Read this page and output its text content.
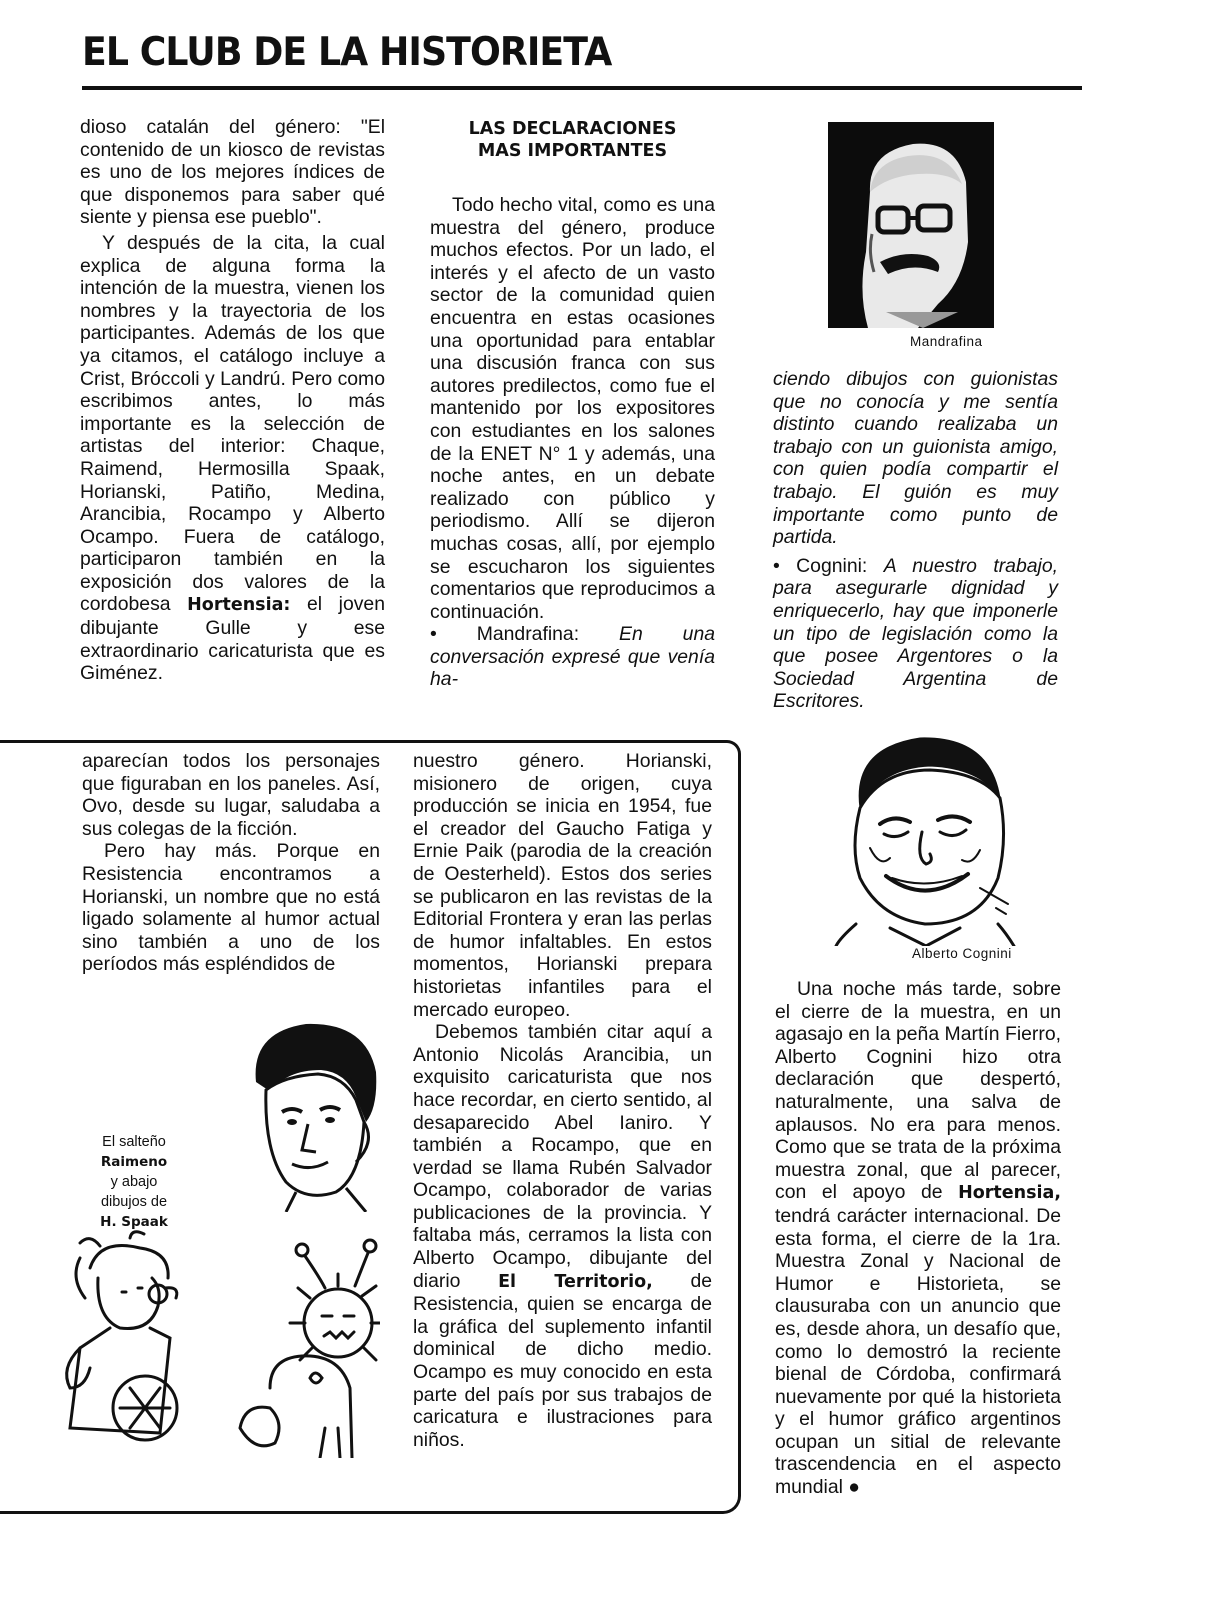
EL CLUB DE LA HISTORIETA

dioso catalán del género: "El contenido de un kiosco de revistas es uno de los mejores índices de que disponemos para saber qué siente y piensa ese pueblo".

Y después de la cita, la cual explica de alguna forma la intención de la muestra, vienen los nombres y la trayectoria de los participantes. Además de los que ya citamos, el catálogo incluye a Crist, Bróccoli y Landrú. Pero como escribimos antes, lo más importante es la selección de artistas del interior: Chaque, Raimend, Hermosilla Spaak, Horianski, Patiño, Medina, Arancibia, Rocampo y Alberto Ocampo. Fuera de catálogo, participaron también en la exposición dos valores de la cordobesa Hortensia: el joven dibujante Gulle y ese extraordinario caricaturista que es Giménez.

LAS DECLARACIONES
MAS IMPORTANTES

Todo hecho vital, como es una muestra del género, produce muchos efectos. Por un lado, el interés y el afecto de un vasto sector de la comunidad quien encuentra en estas ocasiones una oportunidad para entablar una discusión franca con sus autores predilectos, como fue el mantenido por los expositores con estudiantes en los salones de la ENET N° 1 y además, una noche antes, en un debate realizado con público y periodismo. Allí se dijeron muchas cosas, allí, por ejemplo se escucharon los siguientes comentarios que reproducimos a continuación.

• Mandrafina: En una conversación expresé que venía ha-

Mandrafina

ciendo dibujos con guionistas que no conocía y me sentía distinto cuando realizaba un trabajo con un guionista amigo, con quien podía compartir el trabajo. El guión es muy importante como punto de partida.

• Cognini: A nuestro trabajo, para asegurarle dignidad y enriquecerlo, hay que imponerle un tipo de legislación como la que posee Argentores o la Sociedad Argentina de Escritores.

aparecían todos los personajes que figuraban en los paneles. Así, Ovo, desde su lugar, saludaba a sus colegas de la ficción.

Pero hay más. Porque en Resistencia encontramos a Horianski, un nombre que no está ligado solamente al humor actual sino también a uno de los períodos más espléndidos de

El salteño
Raimeno
y abajo
dibujos de
H. Spaak

nuestro género. Horianski, misionero de origen, cuya producción se inicia en 1954, fue el creador del Gaucho Fatiga y Ernie Paik (parodia de la creación de Oesterheld). Estos dos series se publicaron en las revistas de la Editorial Frontera y eran las perlas de humor infaltables. En estos momentos, Horianski prepara historietas infantiles para el mercado europeo.

Debemos también citar aquí a Antonio Nicolás Arancibia, un exquisito caricaturista que nos hace recordar, en cierto sentido, al desaparecido Abel Ianiro. Y también a Rocampo, que en verdad se llama Rubén Salvador Ocampo, colaborador de varias publicaciones de la provincia. Y faltaba más, cerramos la lista con Alberto Ocampo, dibujante del diario El Territorio, de Resistencia, quien se encarga de la gráfica del suplemento infantil dominical de dicho medio. Ocampo es muy conocido en esta parte del país por sus trabajos de caricatura e ilustraciones para niños.

Alberto Cognini

Una noche más tarde, sobre el cierre de la muestra, en un agasajo en la peña Martín Fierro, Alberto Cognini hizo otra declaración que despertó, naturalmente, una salva de aplausos. No era para menos. Como que se trata de la próxima muestra zonal, que al parecer, con el apoyo de Hortensia, tendrá carácter internacional. De esta forma, el cierre de la 1ra. Muestra Zonal y Nacional de Humor e Historieta, se clausuraba con un anuncio que es, desde ahora, un desafío que, como lo demostró la reciente bienal de Córdoba, confirmará nuevamente por qué la historieta y el humor gráfico argentinos ocupan un sitial de relevante trascendencia en el aspecto mundial ●
